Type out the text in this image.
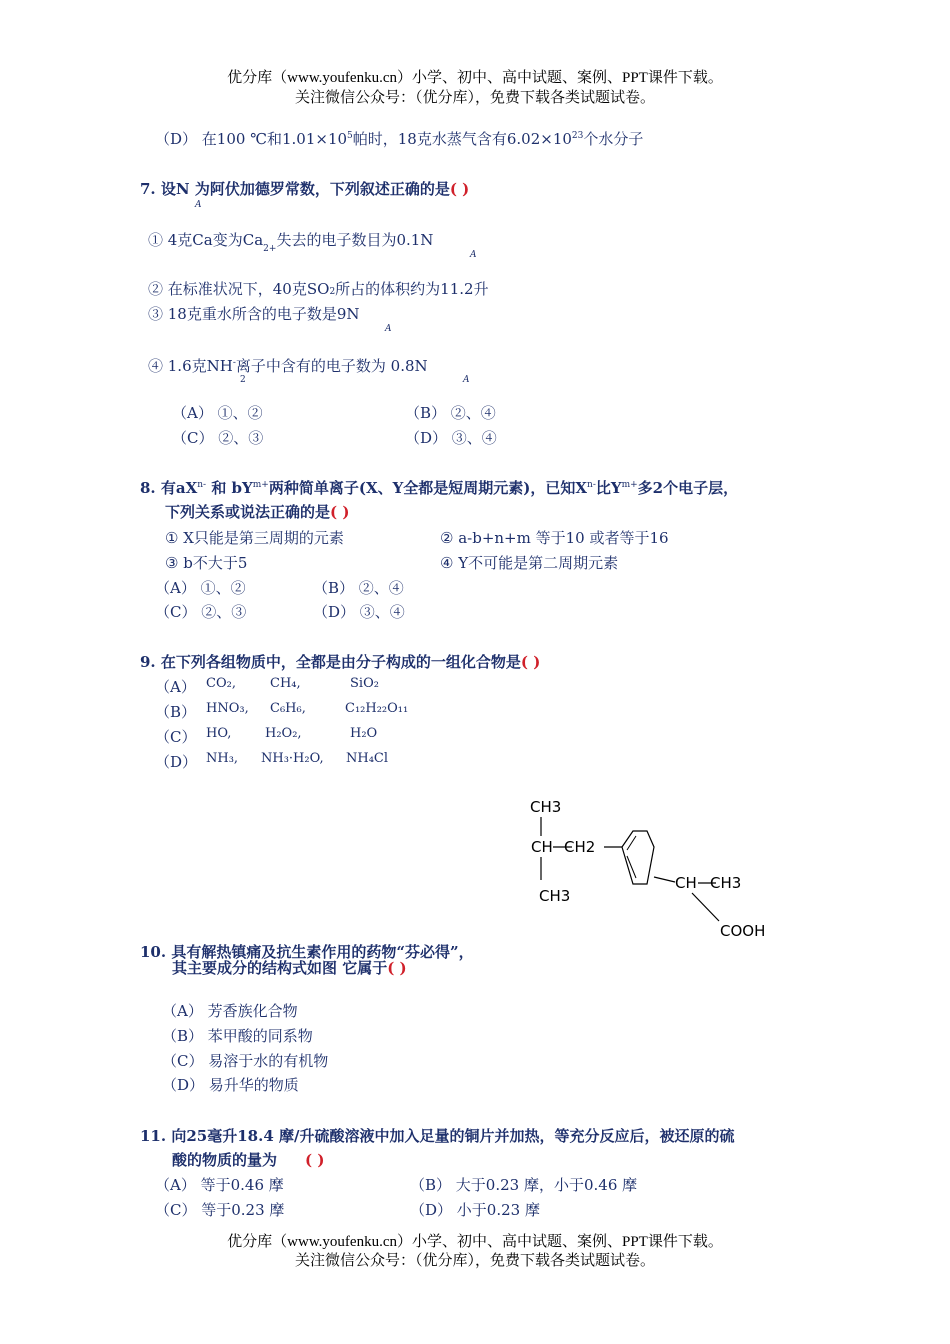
优分库（www.youfenku.cn）小学、初中、高中试题、案例、PPT课件下载。
关注微信公众号：（优分库），免费下载各类试题试卷。
（D） 在100 ℃和$1.01\times 10^5$帕时，18克水蒸气含有$6.02\times 10^{23}$个水分子
7. 设N 为阿伏加德罗常数，下列叙述正确的是( )
A
① 4克Ca变为$Ca_{2+}$失去的电子数目为0.1N
A
② 在标准状况下，40克SO2所占的体积约为11.2升
③ 18克重水所含的电子数是9N
A
④ 1.6克NH-离子中含有的电子数为 0.8N
2	A
（A） ①、②	（B） ②、④
（C） ②、③	（D） ③、④
8. 有$aX^{n-}$ 和 $bY^{m+}$两种简单离子(X、Y全都是短周期元素)，已知$X^{n-}$比$Y^{m+}$多2个电子层，
下列关系或说法正确的是( )
① X只能是第三周期的元素	② a-b+n+m 等于10 或者等于16
③ b不大于5	④ Y不可能是第二周期元素
（A） ①、②	（B） ②、④
（C） ②、③	（D） ③、④
9. 在下列各组物质中，全都是由分子构成的一组化合物是( )
（A） CO₂,	CH₄,	SiO₂
（B） HNO₃, C₆H₆,	C₁₂H₂₂O₁₁
（C） HO,	H₂O₂,	H₂O
（D） NH₃, NH₃·H₂O, NH₄Cl
CH3
CH CH2
CH3
CH CH3
COOH
10. 具有解热镇痛及抗生素作用的药物“芬必得”，
其主要成分的结构式如图 它属于( )
（A） 芳香族化合物
（B） 苯甲酸的同系物
（C） 易溶于水的有机物
（D） 易升华的物质
11. 向25毫升18.4 摩/升硫酸溶液中加入足量的铜片并加热，等充分反应后，被还原的硫
酸的物质的量为 ( )
（A） 等于0.46 摩	（B） 大于0.23 摩，小于0.46 摩
（C） 等于0.23 摩	（D） 小于0.23 摩
优分库（www.youfenku.cn）小学、初中、高中试题、案例、PPT课件下载。
关注微信公众号：（优分库），免费下载各类试题试卷。
